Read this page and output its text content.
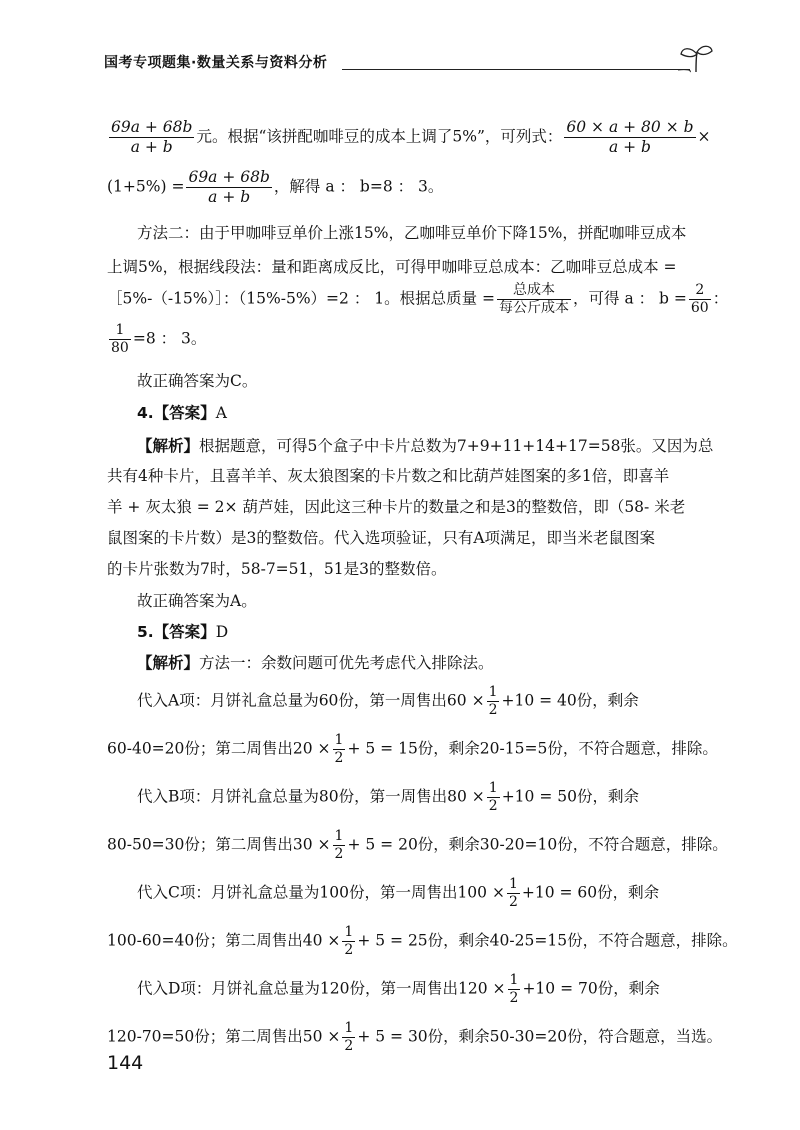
国考专项题集·数量关系与资料分析
$\frac{69a + 68b}{a + b}$ 元。根据“该拼配咖啡豆的成本上调了5%”，可列式： $\frac{60 \times a + 80 \times b}{a + b}$ ×
$(1+5\%) = \frac{69a + 68b}{a + b}$ ，解得 a ： b=8 ： 3。
方法二：由于甲咖啡豆单价上涨15%，乙咖啡豆单价下降15%，拼配咖啡豆成本
上调5%，根据线段法：量和距离成反比，可得甲咖啡豆总成本：乙咖啡豆总成本 =
［5%-（-15%）］：（15%-5%）=2 ： 1。根据总质量 = $\frac{\text{总成本}}{\text{每公斤成本}}$ ，可得 a ： $b = \frac{2}{60}$ ：
$\frac{1}{80} =8$ ： 3。
故正确答案为C。
4.【答案】A
【解析】根据题意，可得5个盒子中卡片总数为7+9+11+14+17=58张。又因为总
共有4种卡片，且喜羊羊、灰太狼图案的卡片数之和比葫芦娃图案的多1倍，即喜羊
羊 + 灰太狼 = 2× 葫芦娃，因此这三种卡片的数量之和是3的整数倍，即（58- 米老
鼠图案的卡片数）是3的整数倍。代入选项验证，只有A项满足，即当米老鼠图案
的卡片张数为7时，58-7=51，51是3的整数倍。
故正确答案为A。
5.【答案】D
【解析】方法一：余数问题可优先考虑代入排除法。
代入A项：月饼礼盒总量为60份，第一周售出$60 \times \frac{1}{2} +10 = 40$份，剩余
60-40=20份；第二周售出$20 \times \frac{1}{2} + 5 = 15$份，剩余20-15=5份，不符合题意，排除。
代入B项：月饼礼盒总量为80份，第一周售出$80 \times \frac{1}{2} +10 = 50$份，剩余
80-50=30份；第二周售出$30 \times \frac{1}{2} + 5 = 20$份，剩余30-20=10份，不符合题意，排除。
代入C项：月饼礼盒总量为100份，第一周售出$100 \times \frac{1}{2} +10 = 60$份，剩余
100-60=40份；第二周售出$40 \times \frac{1}{2} + 5 = 25$份，剩余40-25=15份，不符合题意，排除。
代入D项：月饼礼盒总量为120份，第一周售出$120 \times \frac{1}{2} +10 = 70$份，剩余
120-70=50份；第二周售出$50 \times \frac{1}{2} + 5 = 30$份，剩余50-30=20份，符合题意，当选。
144
